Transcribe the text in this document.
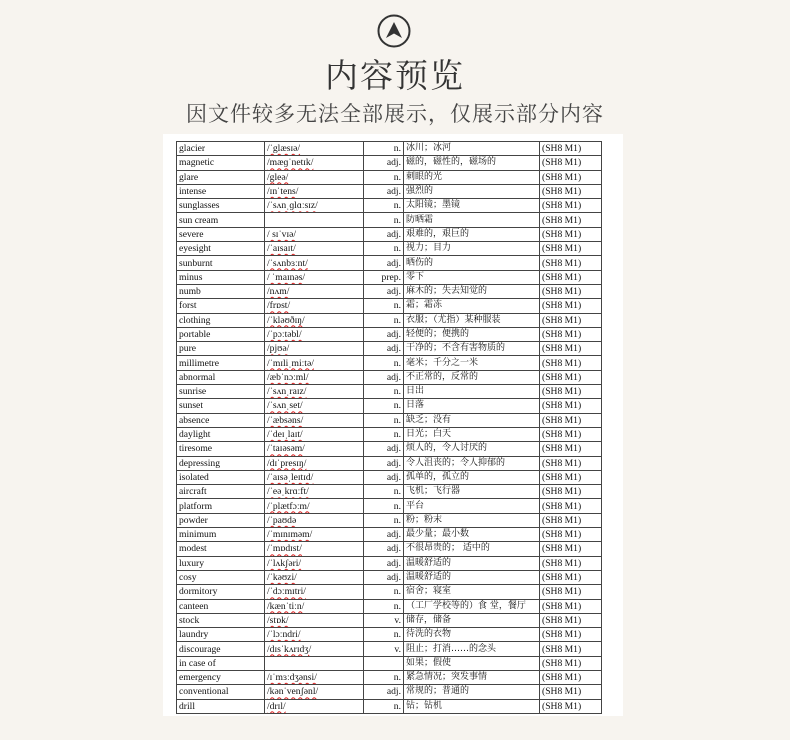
内容预览
因文件较多无法全部展示，仅展示部分内容
glacier	/ˈglæsɪə/	n.	冰川；冰河	(SH8 M1)
magnetic	/mæɡˈnetɪk/	adj.	磁的，磁性的，磁场的	(SH8 M1)
glare	/gleə/	n.	刺眼的光	(SH8 M1)
intense	/ɪnˈtens/	adj.	强烈的	(SH8 M1)
sunglasses	/ˈsʌnˌɡlɑːsɪz/	n.	太阳镜；墨镜	(SH8 M1)
sun cream		n.	防晒霜	(SH8 M1)
severe	/ sɪˈvɪə/	adj.	艰难的，艰巨的	(SH8 M1)
eyesight	/ˈaɪsaɪt/	n.	视力；目力	(SH8 M1)
sunburnt	/ˈsʌnbɜːnt/	adj.	晒伤的	(SH8 M1)
minus	/ ˈmaɪnəs/	prep.	零下	(SH8 M1)
numb	/nʌm/	adj.	麻木的；失去知觉的	(SH8 M1)
forst	/frɒst/	n.	霜；霜冻	(SH8 M1)
clothing	/ˈkləʊðɪŋ/	n.	衣服；（尤指）某种服装	(SH8 M1)
portable	/ˈpɔːtəbl/	adj.	轻便的；便携的	(SH8 M1)
pure	/pjʊə/	adj.	干净的；不含有害物质的	(SH8 M1)
millimetre	/ˈmɪliˌmiːtə/	n.	毫米；千分之一米	(SH8 M1)
abnormal	/æbˈnɔːml/	adj.	不正常的，反常的	(SH8 M1)
sunrise	/ˈsʌnˌraɪz/	n.	日出	(SH8 M1)
sunset	/ˈsʌnˌset/	n.	日落	(SH8 M1)
absence	/ˈæbsəns/	n.	缺乏；没有	(SH8 M1)
daylight	/ˈdeɪˌlaɪt/	n.	日光；白天	(SH8 M1)
tiresome	/ˈtaɪəsəm/	adj.	烦人的，令人讨厌的	(SH8 M1)
depressing	/dɪˈpresɪŋ/	adj.	令人沮丧的；令人抑郁的	(SH8 M1)
isolated	/ˈaɪsəˌleɪtɪd/	adj.	孤单的，孤立的	(SH8 M1)
aircraft	/ˈeəˌkrɑːft/	n.	飞机；飞行器	(SH8 M1)
platform	/ˈplætfɔːm/	n.	平台	(SH8 M1)
powder	/ˈpaʊdə	n.	粉；粉末	(SH8 M1)
minimum	/ˈmɪnɪməm/	adj.	最少量；最小数	(SH8 M1)
modest	/ˈmɒdɪst/	adj.	不很昂贵的； 适中的	(SH8 M1)
luxury	/ˈlʌkʃəri/	adj.	温暖舒适的	(SH8 M1)
cosy	/ˈkəʊzi/	adj.	温暖舒适的	(SH8 M1)
dormitory	/ˈdɔːmɪtri/	n.	宿舍；寝室	(SH8 M1)
canteen	/kænˈtiːn/	n.	（工厂学校等的）食 堂，餐厅	(SH8 M1)
stock	/stɒk/	v.	储存，储备	(SH8 M1)
laundry	/ˈlɔːndri/	n.	待洗的衣物	(SH8 M1)
discourage	/dɪsˈkʌrɪdʒ/	v.	阻止；打消……的念头	(SH8 M1)
in case of			如果；假使	(SH8 M1)
emergency	/ɪˈmɜːdʒənsi/	n.	紧急情况；突发事情	(SH8 M1)
conventional	/kənˈvenʃənl/	adj.	常规的；普通的	(SH8 M1)
drill	/drɪl/	n.	钻；钻机	(SH8 M1)
